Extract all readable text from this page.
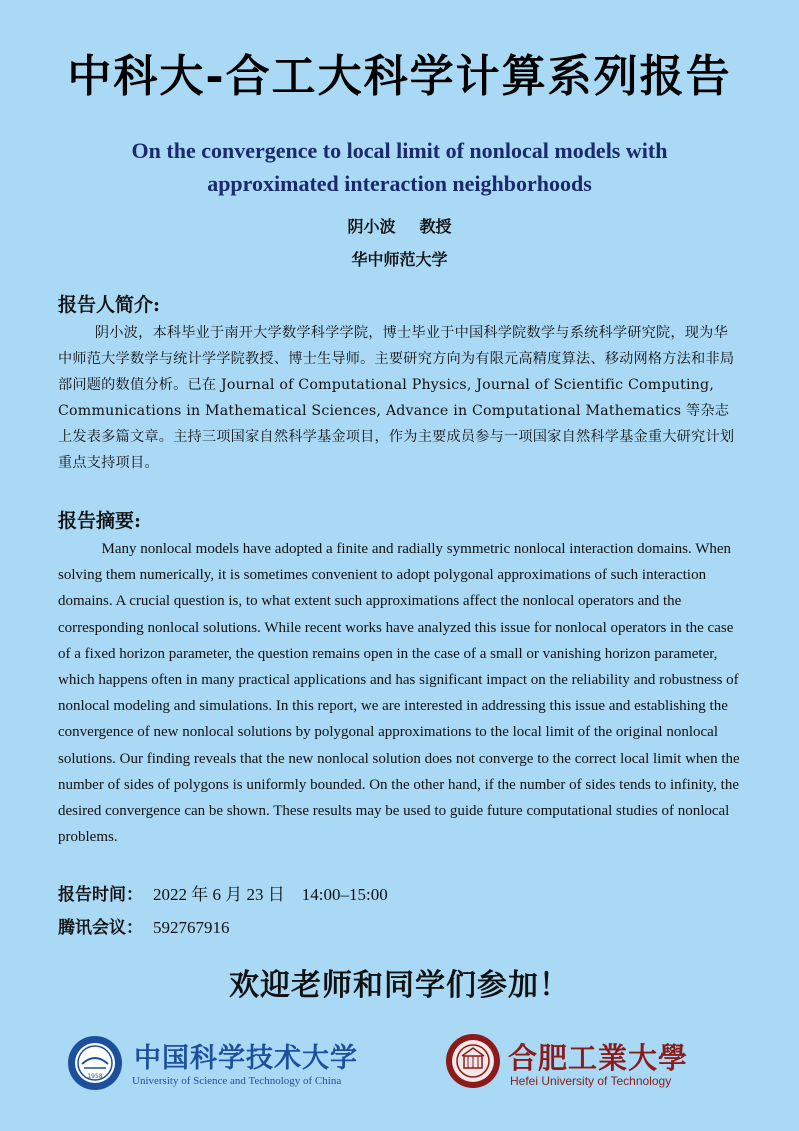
中科大-合工大科学计算系列报告
On the convergence to local limit of nonlocal models with
approximated interaction neighborhoods
阴小波 教授
华中师范大学
报告人简介:
阴小波，本科毕业于南开大学数学科学学院，博士毕业于中国科学院数学与系统科学研究院，现为华中师范大学数学与统计学学院教授、博士生导师。主要研究方向为有限元高精度算法、移动网格方法和非局部问题的数值分析。已在 Journal of Computational Physics, Journal of Scientific Computing, Communications in Mathematical Sciences, Advance in Computational Mathematics 等杂志上发表多篇文章。主持三项国家自然科学基金项目，作为主要成员参与一项国家自然科学基金重大研究计划重点支持项目。
报告摘要:
Many nonlocal models have adopted a finite and radially symmetric nonlocal interaction domains. When solving them numerically, it is sometimes convenient to adopt polygonal approximations of such interaction domains. A crucial question is, to what extent such approximations affect the nonlocal operators and the corresponding nonlocal solutions. While recent works have analyzed this issue for nonlocal operators in the case of a fixed horizon parameter, the question remains open in the case of a small or vanishing horizon parameter, which happens often in many practical applications and has significant impact on the reliability and robustness of nonlocal modeling and simulations. In this report, we are interested in addressing this issue and establishing the convergence of new nonlocal solutions by polygonal approximations to the local limit of the original nonlocal solutions. Our finding reveals that the new nonlocal solution does not converge to the correct local limit when the number of sides of polygons is uniformly bounded. On the other hand, if the number of sides tends to infinity, the desired convergence can be shown. These results may be used to guide future computational studies of nonlocal problems.
报告时间： 2022 年 6 月 23 日　14:00–15:00
腾讯会议： 592767916
欢迎老师和同学们参加！
1958
中国科学技术大学
University of Science and Technology of China
合肥工業大學
Hefei University of Technology
